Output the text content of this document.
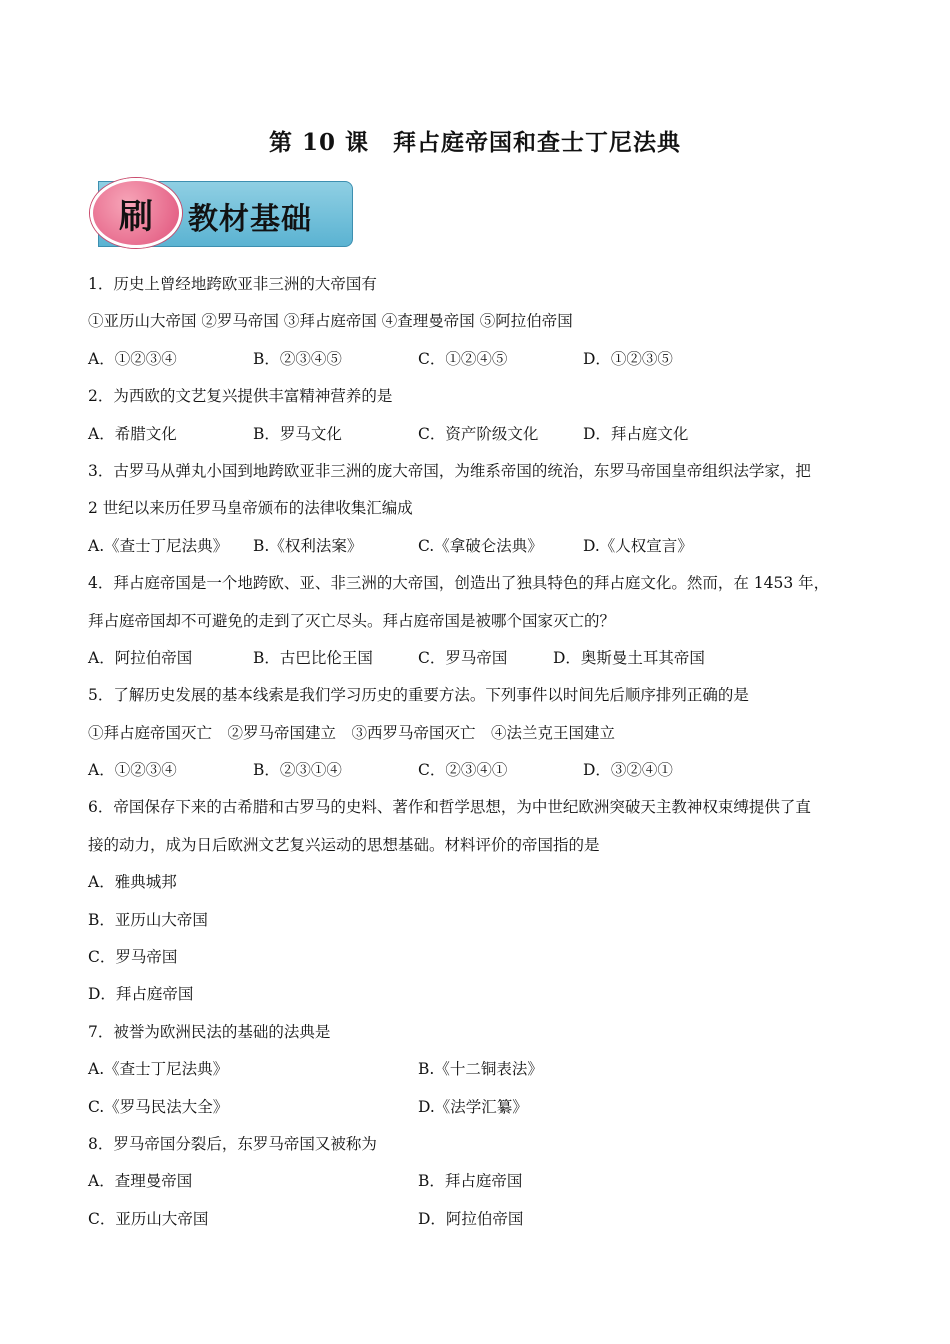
第 10 课　拜占庭帝国和查士丁尼法典
刷 教材基础
1．历史上曾经地跨欧亚非三洲的大帝国有
①亚历山大帝国 ②罗马帝国 ③拜占庭帝国 ④查理曼帝国 ⑤阿拉伯帝国
A．①②③④	B．②③④⑤	C．①②④⑤	D．①②③⑤
2．为西欧的文艺复兴提供丰富精神营养的是
A．希腊文化	B．罗马文化	C．资产阶级文化	D．拜占庭文化
3．古罗马从弹丸小国到地跨欧亚非三洲的庞大帝国，为维系帝国的统治，东罗马帝国皇帝组织法学家，把
2 世纪以来历任罗马皇帝颁布的法律收集汇编成
A.《查士丁尼法典》	B.《权利法案》	C.《拿破仑法典》	D.《人权宣言》
4．拜占庭帝国是一个地跨欧、亚、非三洲的大帝国，创造出了独具特色的拜占庭文化。然而，在 1453 年，
拜占庭帝国却不可避免的走到了灭亡尽头。拜占庭帝国是被哪个国家灭亡的？
A．阿拉伯帝国	B．古巴比伦王国	C．罗马帝国	D．奥斯曼土耳其帝国
5．了解历史发展的基本线索是我们学习历史的重要方法。下列事件以时间先后顺序排列正确的是
①拜占庭帝国灭亡　②罗马帝国建立　③西罗马帝国灭亡　④法兰克王国建立
A．①②③④	B．②③①④	C．②③④①	D．③②④①
6．帝国保存下来的古希腊和古罗马的史料、著作和哲学思想，为中世纪欧洲突破天主教神权束缚提供了直
接的动力，成为日后欧洲文艺复兴运动的思想基础。材料评价的帝国指的是
A．雅典城邦
B．亚历山大帝国
C．罗马帝国
D．拜占庭帝国
7．被誉为欧洲民法的基础的法典是
A.《查士丁尼法典》	B.《十二铜表法》
C.《罗马民法大全》	D.《法学汇纂》
8．罗马帝国分裂后，东罗马帝国又被称为
A．查理曼帝国	B．拜占庭帝国
C．亚历山大帝国	D．阿拉伯帝国
